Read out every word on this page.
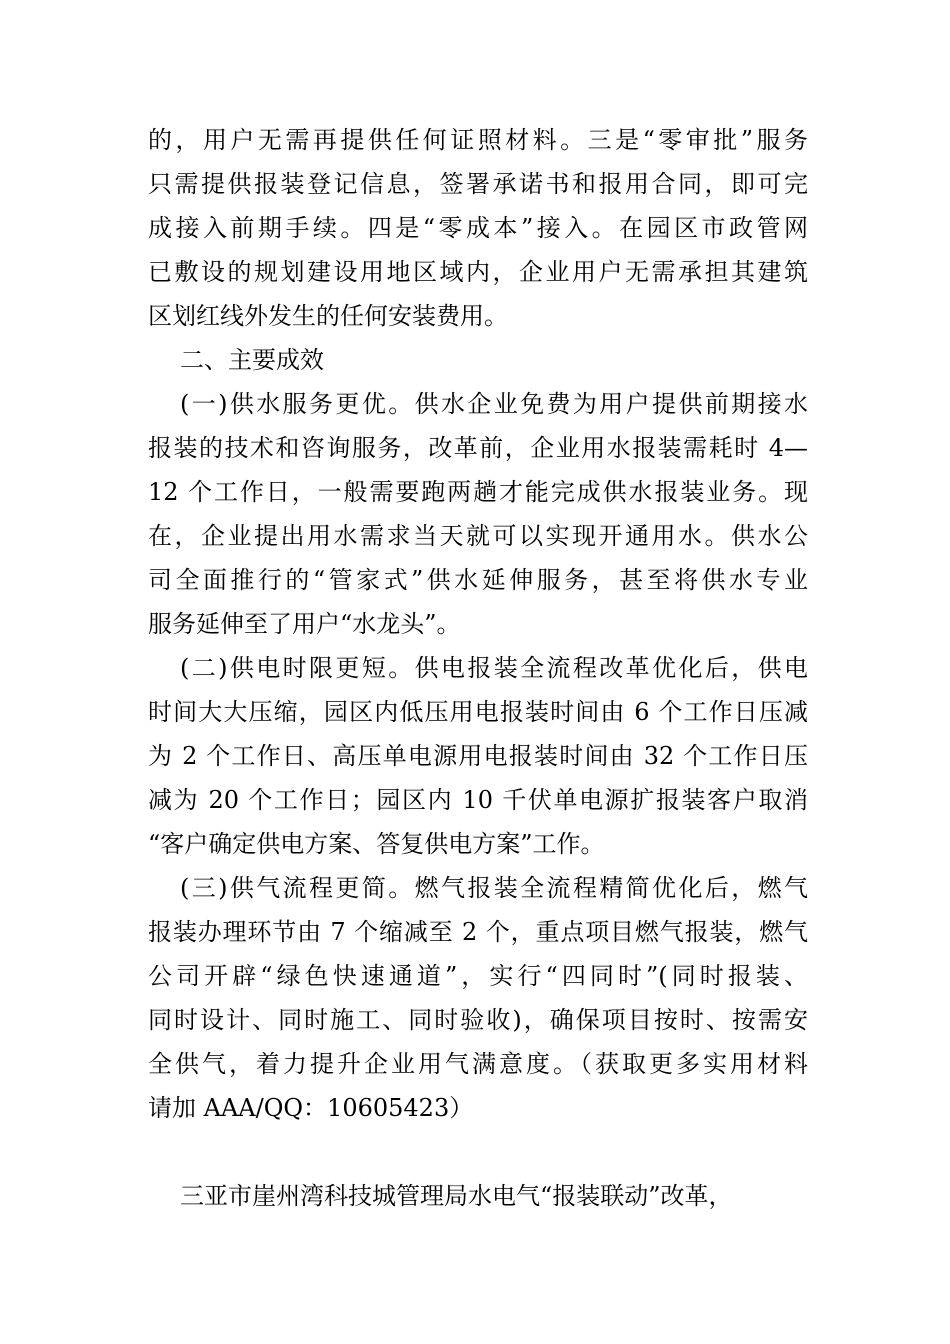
的，用户无需再提供任何证照材料。三是“零审批”服务
只需提供报装登记信息，签署承诺书和报用合同，即可完
成接入前期手续。四是“零成本”接入。在园区市政管网
已敷设的规划建设用地区域内，企业用户无需承担其建筑
区划红线外发生的任何安装费用。
二、主要成效
(一)供水服务更优。供水企业免费为用户提供前期接水
报装的技术和咨询服务，改革前，企业用水报装需耗时 4—
12 个工作日，一般需要跑两趟才能完成供水报装业务。现
在，企业提出用水需求当天就可以实现开通用水。供水公
司全面推行的“管家式”供水延伸服务，甚至将供水专业
服务延伸至了用户“水龙头”。
(二)供电时限更短。供电报装全流程改革优化后，供电
时间大大压缩，园区内低压用电报装时间由 6 个工作日压减
为 2 个工作日、高压单电源用电报装时间由 32 个工作日压
减为 20 个工作日；园区内 10 千伏单电源扩报装客户取消
“客户确定供电方案、答复供电方案”工作。
(三)供气流程更简。燃气报装全流程精简优化后，燃气
报装办理环节由 7 个缩减至 2 个，重点项目燃气报装，燃气
公司开辟“绿色快速通道”，实行“四同时”(同时报装、
同时设计、同时施工、同时验收)，确保项目按时、按需安
全供气，着力提升企业用气满意度。（获取更多实用材料
请加 AAA/QQ：10605423）
三亚市崖州湾科技城管理局水电气“报装联动”改革，
